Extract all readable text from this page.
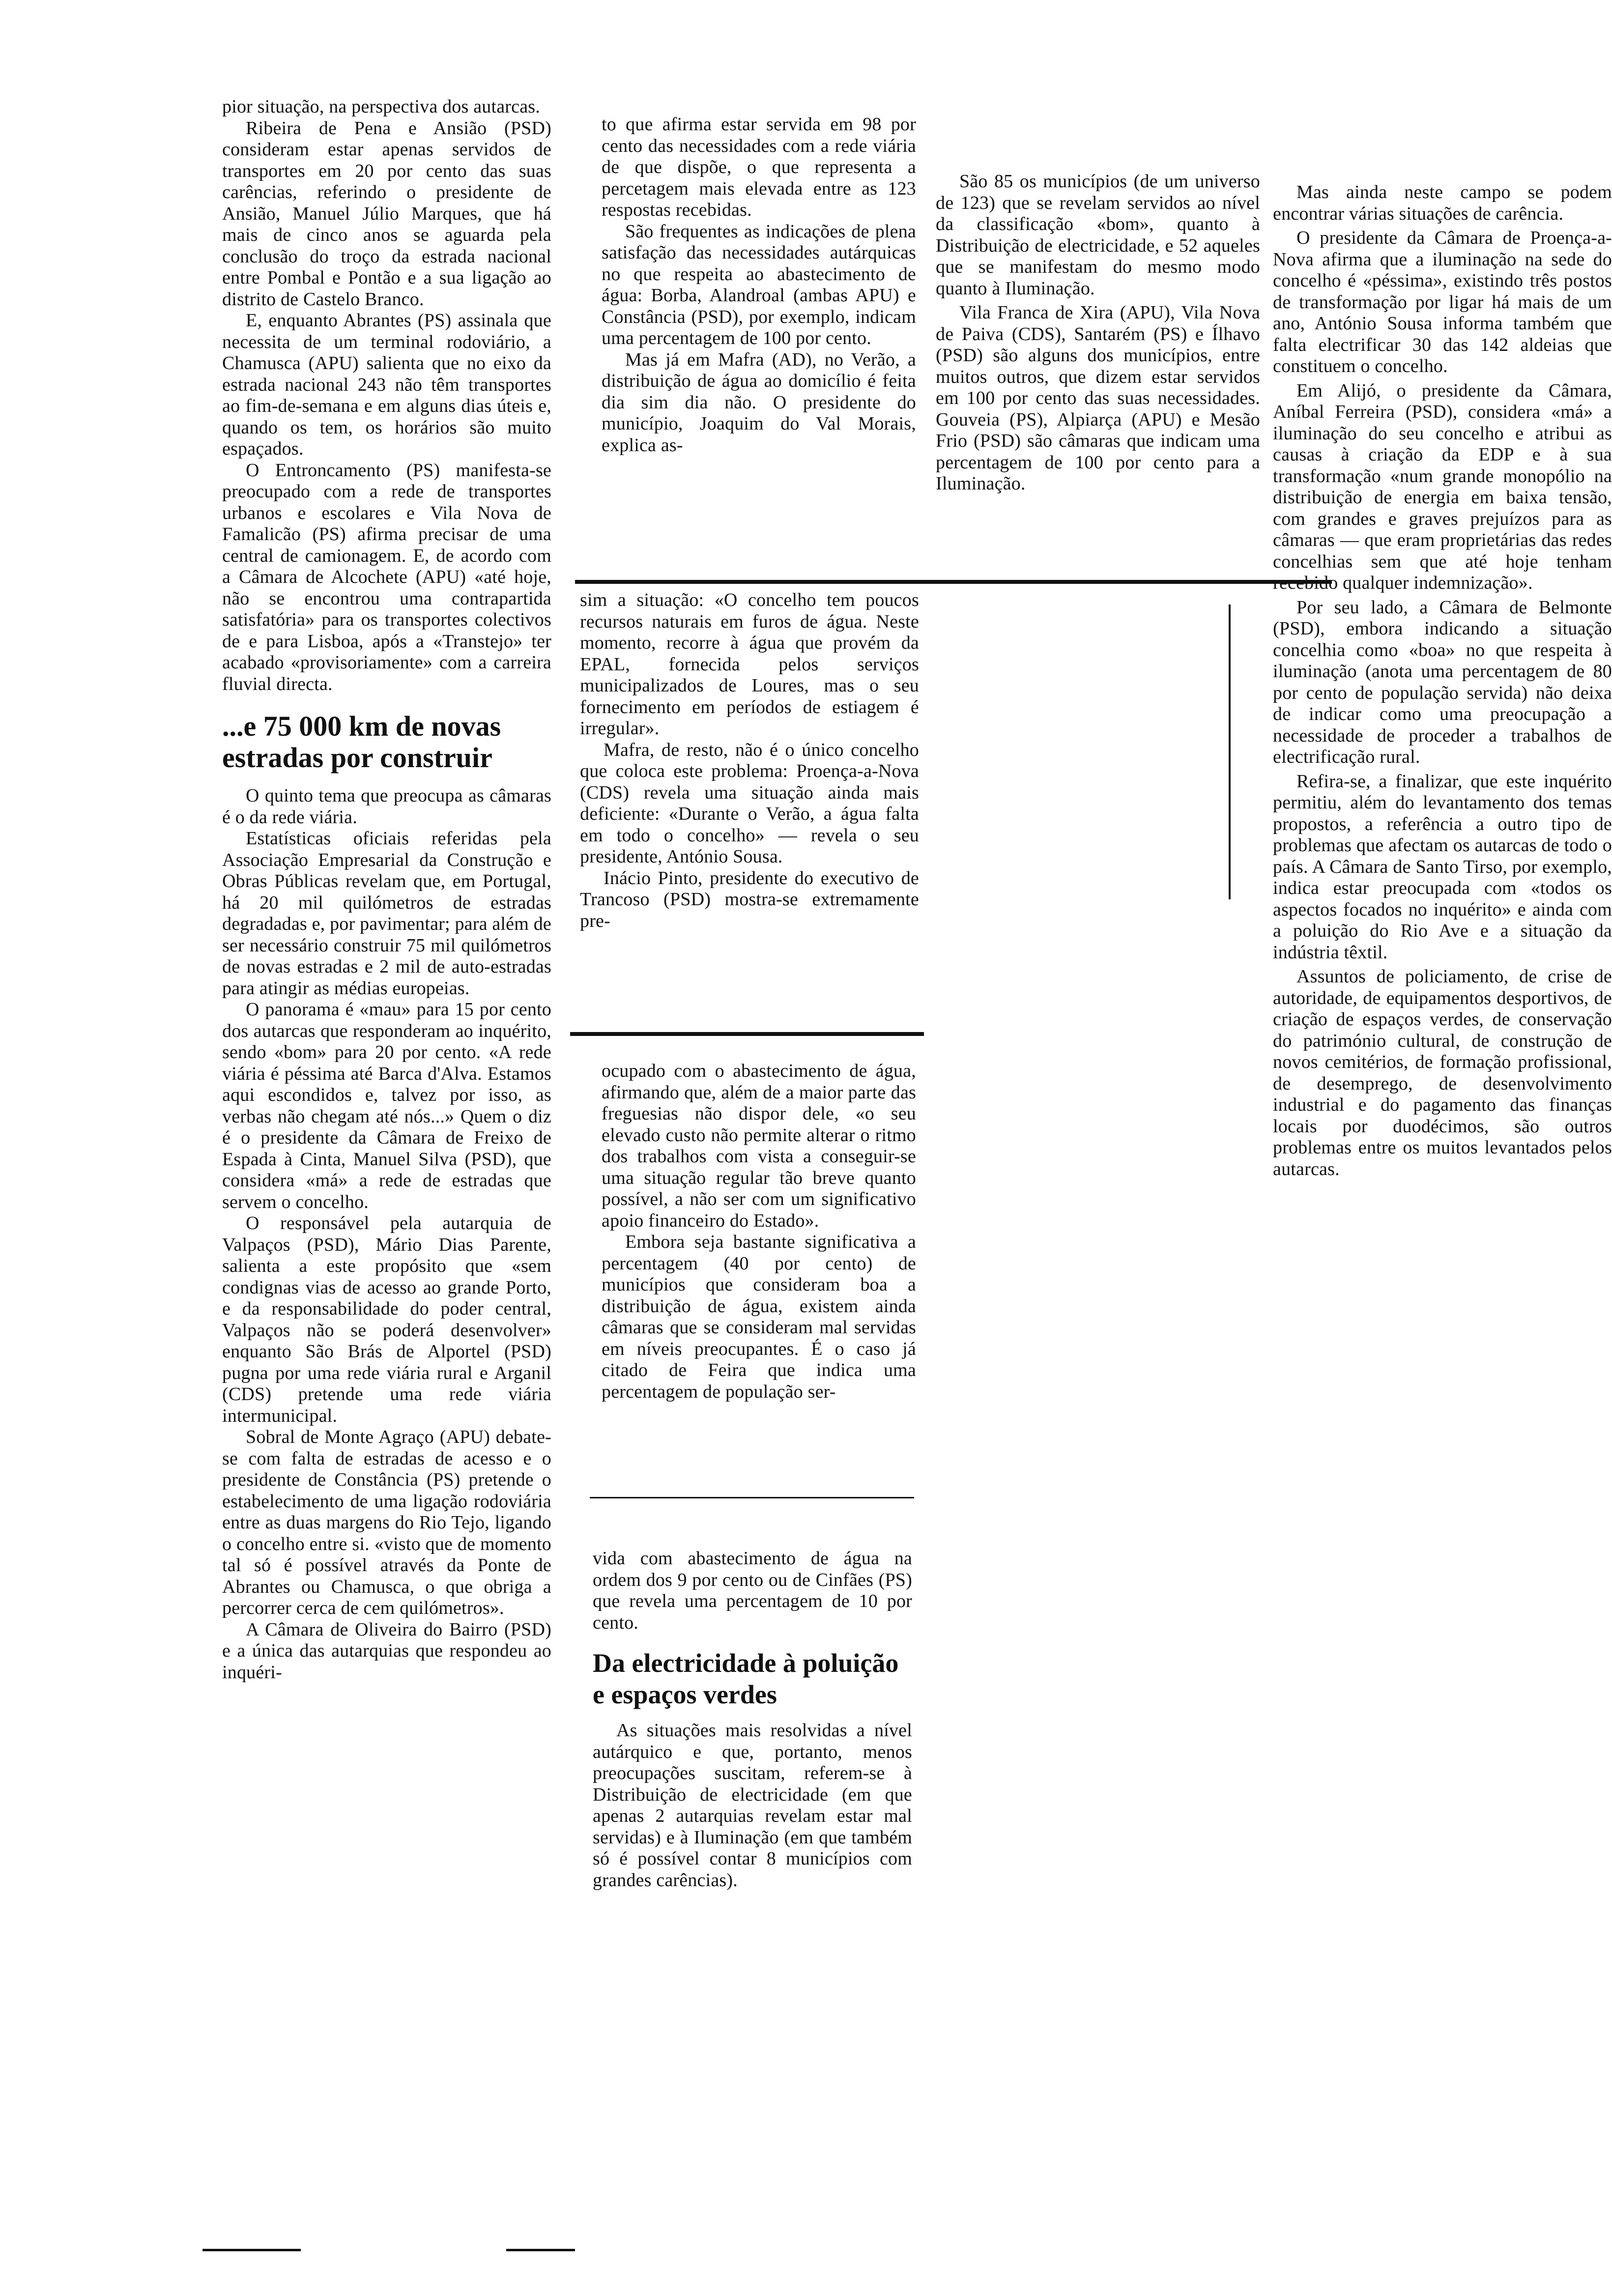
pior situação, na perspectiva dos autarcas.

Ribeira de Pena e Ansião (PSD) consideram estar apenas servidos de transportes em 20 por cento das suas carências, referindo o presidente de Ansião, Manuel Júlio Marques, que há mais de cinco anos se aguarda pela conclusão do troço da estrada nacional entre Pombal e Pontão e a sua ligação ao distrito de Castelo Branco.

E, enquanto Abrantes (PS) assinala que necessita de um terminal rodoviário, a Chamusca (APU) salienta que no eixo da estrada nacional 243 não têm transportes ao fim-de-semana e em alguns dias úteis e, quando os tem, os horários são muito espaçados.

O Entroncamento (PS) manifesta-se preocupado com a rede de transportes urbanos e escolares e Vila Nova de Famalicão (PS) afirma precisar de uma central de camionagem. E, de acordo com a Câmara de Alcochete (APU) «até hoje, não se encontrou uma contrapartida satisfatória» para os transportes colectivos de e para Lisboa, após a «Transtejo» ter acabado «provisoriamente» com a carreira fluvial directa.

...e 75 000 km de novas estradas por construir

O quinto tema que preocupa as câmaras é o da rede viária.

Estatísticas oficiais referidas pela Associação Empresarial da Construção e Obras Públicas revelam que, em Portugal, há 20 mil quilómetros de estradas degradadas e, por pavimentar; para além de ser necessário construir 75 mil quilómetros de novas estradas e 2 mil de auto-estradas para atingir as médias europeias.

O panorama é «mau» para 15 por cento dos autarcas que responderam ao inquérito, sendo «bom» para 20 por cento. «A rede viária é péssima até Barca d'Alva. Estamos aqui escondidos e, talvez por isso, as verbas não chegam até nós...» Quem o diz é o presidente da Câmara de Freixo de Espada à Cinta, Manuel Silva (PSD), que considera «má» a rede de estradas que servem o concelho.

O responsável pela autarquia de Valpaços (PSD), Mário Dias Parente, salienta a este propósito que «sem condignas vias de acesso ao grande Porto, e da responsabilidade do poder central, Valpaços não se poderá desenvolver» enquanto São Brás de Alportel (PSD) pugna por uma rede viária rural e Arganil (CDS) pretende uma rede viária intermunicipal.

Sobral de Monte Agraço (APU) debate-se com falta de estradas de acesso e o presidente de Constância (PS) pretende o estabelecimento de uma ligação rodoviária entre as duas margens do Rio Tejo, ligando o concelho entre si. «visto que de momento tal só é possível através da Ponte de Abrantes ou Chamusca, o que obriga a percorrer cerca de cem quilómetros».

A Câmara de Oliveira do Bairro (PSD) e a única das autarquias que respondeu ao inquéri-

to que afirma estar servida em 98 por cento das necessidades com a rede viária de que dispõe, o que representa a percetagem mais elevada entre as 123 respostas recebidas.

São frequentes as indicações de plena satisfação das necessidades autárquicas no que respeita ao abastecimento de água: Borba, Alandroal (ambas APU) e Constância (PSD), por exemplo, indicam uma percentagem de 100 por cento.

Mas já em Mafra (AD), no Verão, a distribuição de água ao domicílio é feita dia sim dia não. O presidente do município, Joaquim do Val Morais, explica as-

sim a situação: «O concelho tem poucos recursos naturais em furos de água. Neste momento, recorre à água que provém da EPAL, fornecida pelos serviços municipalizados de Loures, mas o seu fornecimento em períodos de estiagem é irregular».

Mafra, de resto, não é o único concelho que coloca este problema: Proença-a-Nova (CDS) revela uma situação ainda mais deficiente: «Durante o Verão, a água falta em todo o concelho» — revela o seu presidente, António Sousa.

Inácio Pinto, presidente do executivo de Trancoso (PSD) mostra-se extremamente pre-

ocupado com o abastecimento de água, afirmando que, além de a maior parte das freguesias não dispor dele, «o seu elevado custo não permite alterar o ritmo dos trabalhos com vista a conseguir-se uma situação regular tão breve quanto possível, a não ser com um significativo apoio financeiro do Estado».

Embora seja bastante significativa a percentagem (40 por cento) de municípios que consideram boa a distribuição de água, existem ainda câmaras que se consideram mal servidas em níveis preocupantes. É o caso já citado de Feira que indica uma percentagem de população ser-

vida com abastecimento de água na ordem dos 9 por cento ou de Cinfães (PS) que revela uma percentagem de 10 por cento.

Da electricidade à poluição e espaços verdes

As situações mais resolvidas a nível autárquico e que, portanto, menos preocupações suscitam, referem-se à Distribuição de electricidade (em que apenas 2 autarquias revelam estar mal servidas) e à Iluminação (em que também só é possível contar 8 municípios com grandes carências).

São 85 os municípios (de um universo de 123) que se revelam servidos ao nível da classificação «bom», quanto à Distribuição de electricidade, e 52 aqueles que se manifestam do mesmo modo quanto à Iluminação.

Vila Franca de Xira (APU), Vila Nova de Paiva (CDS), Santarém (PS) e Ílhavo (PSD) são alguns dos municípios, entre muitos outros, que dizem estar servidos em 100 por cento das suas necessidades. Gouveia (PS), Alpiarça (APU) e Mesão Frio (PSD) são câmaras que indicam uma percentagem de 100 por cento para a Iluminação.

Mas ainda neste campo se podem encontrar várias situações de carência.

O presidente da Câmara de Proença-a-Nova afirma que a iluminação na sede do concelho é «péssima», existindo três postos de transformação por ligar há mais de um ano, António Sousa informa também que falta electrificar 30 das 142 aldeias que constituem o concelho.

Em Alijó, o presidente da Câmara, Aníbal Ferreira (PSD), considera «má» a iluminação do seu concelho e atribui as causas à criação da EDP e à sua transformação «num grande monopólio na distribuição de energia em baixa tensão, com grandes e graves prejuízos para as câmaras — que eram proprietárias das redes concelhias sem que até hoje tenham recebido qualquer indemnização».

Por seu lado, a Câmara de Belmonte (PSD), embora indicando a situação concelhia como «boa» no que respeita à iluminação (anota uma percentagem de 80 por cento de população servida) não deixa de indicar como uma preocupação a necessidade de proceder a trabalhos de electrificação rural.

Refira-se, a finalizar, que este inquérito permitiu, além do levantamento dos temas propostos, a referência a outro tipo de problemas que afectam os autarcas de todo o país. A Câmara de Santo Tirso, por exemplo, indica estar preocupada com «todos os aspectos focados no inquérito» e ainda com a poluição do Rio Ave e a situação da indústria têxtil.

Assuntos de policiamento, de crise de autoridade, de equipamentos desportivos, de criação de espaços verdes, de conservação do património cultural, de construção de novos cemitérios, de formação profissional, de desemprego, de desenvolvimento industrial e do pagamento das finanças locais por duodécimos, são outros problemas entre os muitos levantados pelos autarcas.
